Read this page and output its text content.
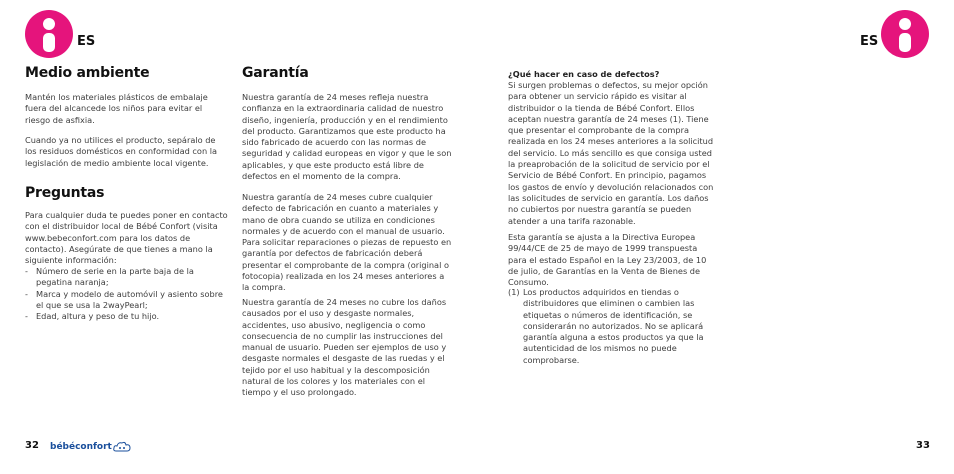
ES
Medio ambiente

Mantén los materiales plásticos de embalaje fuera del alcancede los niños para evitar el riesgo de asfixia.

Cuando ya no utilices el producto, sepáralo de los residuos domésticos en conformidad con la legislación de medio ambiente local vigente.

Preguntas

Para cualquier duda te puedes poner en contacto con el distribuidor local de Bébé Confort (visita www.bebeconfort.com para los datos de contacto). Asegúrate de que tienes a mano la siguiente información:

- Número de serie en la parte baja de la pegatina naranja;
- Marca y modelo de automóvil y asiento sobre el que se usa la 2wayPearl;
- Edad, altura y peso de tu hijo.
Garantía

Nuestra garantía de 24 meses refleja nuestra confianza en la extraordinaria calidad de nuestro diseño, ingeniería, producción y en el rendimiento del producto. Garantizamos que este producto ha sido fabricado de acuerdo con las normas de seguridad y calidad europeas en vigor y que le son aplicables, y que este producto está libre de defectos en el momento de la compra.

Nuestra garantía de 24 meses cubre cualquier defecto de fabricación en cuanto a materiales y mano de obra cuando se utiliza en condiciones normales y de acuerdo con el manual de usuario. Para solicitar reparaciones o piezas de repuesto en garantía por defectos de fabricación deberá presentar el comprobante de la compra (original o fotocopia) realizada en los 24 meses anteriores a la compra.

Nuestra garantía de 24 meses no cubre los daños causados por el uso y desgaste normales, accidentes, uso abusivo, negligencia o como consecuencia de no cumplir las instrucciones del manual de usuario. Pueden ser ejemplos de uso y desgaste normales el desgaste de las ruedas y el tejido por el uso habitual y la descomposición natural de los colores y los materiales con el tiempo y el uso prolongado.

32 bébéconfort
ES

¿Qué hacer en caso de defectos?

Si surgen problemas o defectos, su mejor opción para obtener un servicio rápido es visitar al distribuidor o la tienda de Bébé Confort. Ellos aceptan nuestra garantía de 24 meses (1). Tiene que presentar el comprobante de la compra realizada en los 24 meses anteriores a la solicitud del servicio. Lo más sencillo es que consiga usted la preaprobación de la solicitud de servicio por el Servicio de Bébé Confort. En principio, pagamos los gastos de envío y devolución relacionados con las solicitudes de servicio en garantía. Los daños no cubiertos por nuestra garantía se pueden atender a una tarifa razonable.

Esta garantía se ajusta a la Directiva Europea 99/44/CE de 25 de mayo de 1999 transpuesta para el estado Español en la Ley 23/2003, de 10 de julio, de Garantías en la Venta de Bienes de Consumo.

(1) Los productos adquiridos en tiendas o distribuidores que eliminen o cambien las etiquetas o números de identificación, se considerarán no autorizados. No se aplicará garantía alguna a estos productos ya que la autenticidad de los mismos no puede comprobarse.

33
